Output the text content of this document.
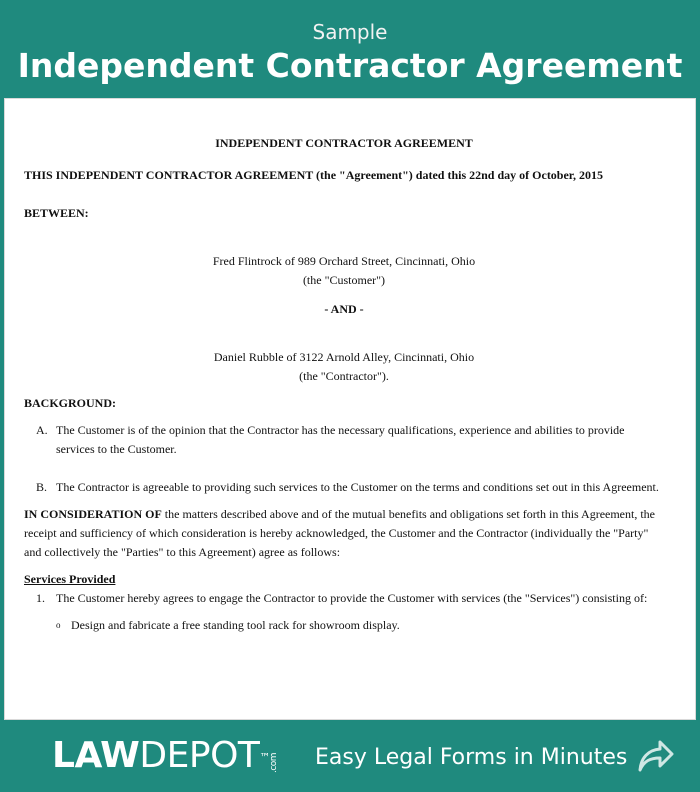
Sample
Independent Contractor Agreement

INDEPENDENT CONTRACTOR AGREEMENT

THIS INDEPENDENT CONTRACTOR AGREEMENT (the "Agreement") dated this 22nd day of October, 2015

BETWEEN:

Fred Flintrock of 989 Orchard Street, Cincinnati, Ohio

(the "Customer")

- AND -

Daniel Rubble of 3122 Arnold Alley, Cincinnati, Ohio

(the "Contractor").

BACKGROUND:

A. The Customer is of the opinion that the Contractor has the necessary qualifications, experience and abilities to provide services to the Customer.
B. The Contractor is agreeable to providing such services to the Customer on the terms and conditions set out in this Agreement.

IN CONSIDERATION OF the matters described above and of the mutual benefits and obligations set forth in this Agreement, the receipt and sufficiency of which consideration is hereby acknowledged, the Customer and the Contractor (individually the "Party" and collectively the "Parties" to this Agreement) agree as follows:

Services Provided

1. The Customer hereby agrees to engage the Contractor to provide the Customer with services (the "Services") consisting of:
o Design and fabricate a free standing tool rack for showroom display.
LAWDEPOT™.com	Easy Legal Forms in Minutes
